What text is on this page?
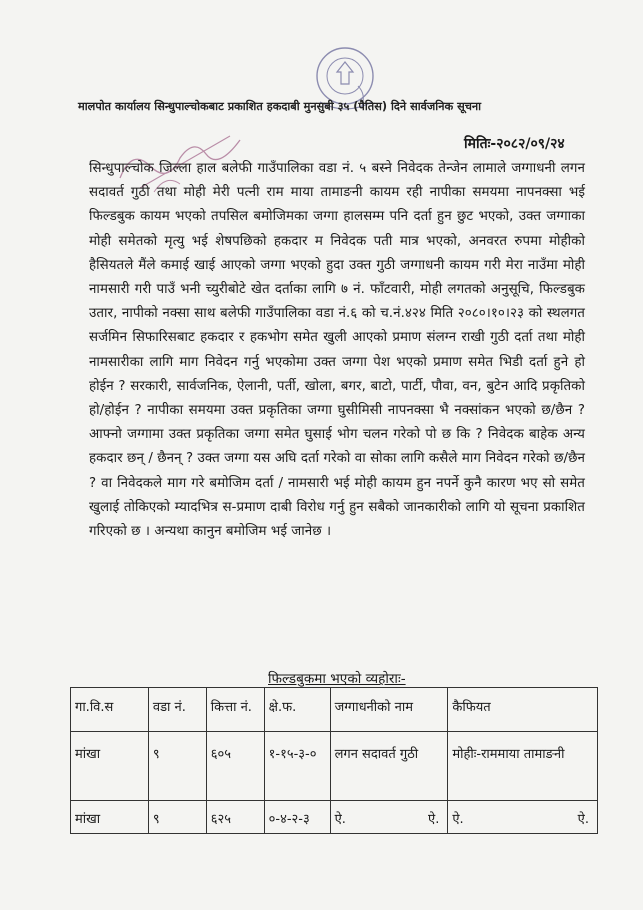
मालपोत कार्यालय सिन्धुपाल्चोकबाट प्रकाशित हकदाबी मुनसुबी ३५ (पैतिस) दिने सार्वजनिक सूचना
मितिः-२०८२/०९/२४
सिन्धुपाल्चोक जिल्ला हाल बलेफी गाउँपालिका वडा नं. ५ बस्ने निवेदक तेन्जेन लामाले जग्गाधनी लगन सदावर्त गुठी तथा मोही मेरी पत्नी राम माया तामाङनी कायम रही नापीका समयमा नापनक्सा भई फिल्डबुक कायम भएको तपसिल बमोजिमका जग्गा हालसम्म पनि दर्ता हुन छुट भएको, उक्त जग्गाका मोही समेतको मृत्यु भई शेषपछिको हकदार म निवेदक पती मात्र भएको, अनवरत रुपमा मोहीको हैसियतले मैंले कमाई खाई आएको जग्गा भएको हुदा उक्त गुठी जग्गाधनी कायम गरी मेरा नाउँमा मोही नामसारी गरी पाउँ भनी च्युरीबोटे खेत दर्ताका लागि ७ नं. फाँटवारी, मोही लगतको अनुसूचि, फिल्डबुक उतार, नापीको नक्सा साथ बलेफी गाउँपालिका वडा नं.६ को च.नं.४२४ मिति २०८०।१०।२३ को स्थलगत सर्जमिन सिफारिसबाट हकदार र हकभोग समेत खुली आएको प्रमाण संलग्न राखी गुठी दर्ता तथा मोही नामसारीका लागि माग निवेदन गर्नु भएकोमा उक्त जग्गा पेश भएको प्रमाण समेत भिडी दर्ता हुने हो होईन ? सरकारी, सार्वजनिक, ऐलानी, पर्ती, खोला, बगर, बाटो, पार्टी, पौवा, वन, बुटेन आदि प्रकृतिको हो/होईन ? नापीका समयमा उक्त प्रकृतिका जग्गा घुसीमिसी नापनक्सा भै नक्सांकन भएको छ/छैन ? आफ्नो जग्गामा उक्त प्रकृतिका जग्गा समेत घुसाई भोग चलन गरेको पो छ कि ? निवेदक बाहेक अन्य हकदार छन् / छैनन् ? उक्त जग्गा यस अघि दर्ता गरेको वा सोका लागि कसैले माग निवेदन गरेको छ/छैन ? वा निवेदकले माग गरे बमोजिम दर्ता / नामसारी भई मोही कायम हुन नपर्ने कुनै कारण भए सो समेत खुलाई तोकिएको म्यादभित्र स-प्रमाण दाबी विरोध गर्नु हुन सबैको जानकारीको लागि यो सूचना प्रकाशित गरिएको छ । अन्यथा कानुन बमोजिम भई जानेछ ।
फिल्डबुकमा भएको व्यहोराः-
गा.वि.स	वडा नं.	कित्ता नं.	क्षे.फ.	जग्गाधनीको नाम	कैफियत
मांखा	९	६०५	१-१५-३-०	लगन सदावर्त गुठी	मोहीः-राममाया तामाङनी
मांखा	९	६२५	०-४-२-३	ऐ. ऐ.	ऐ. ऐ.
